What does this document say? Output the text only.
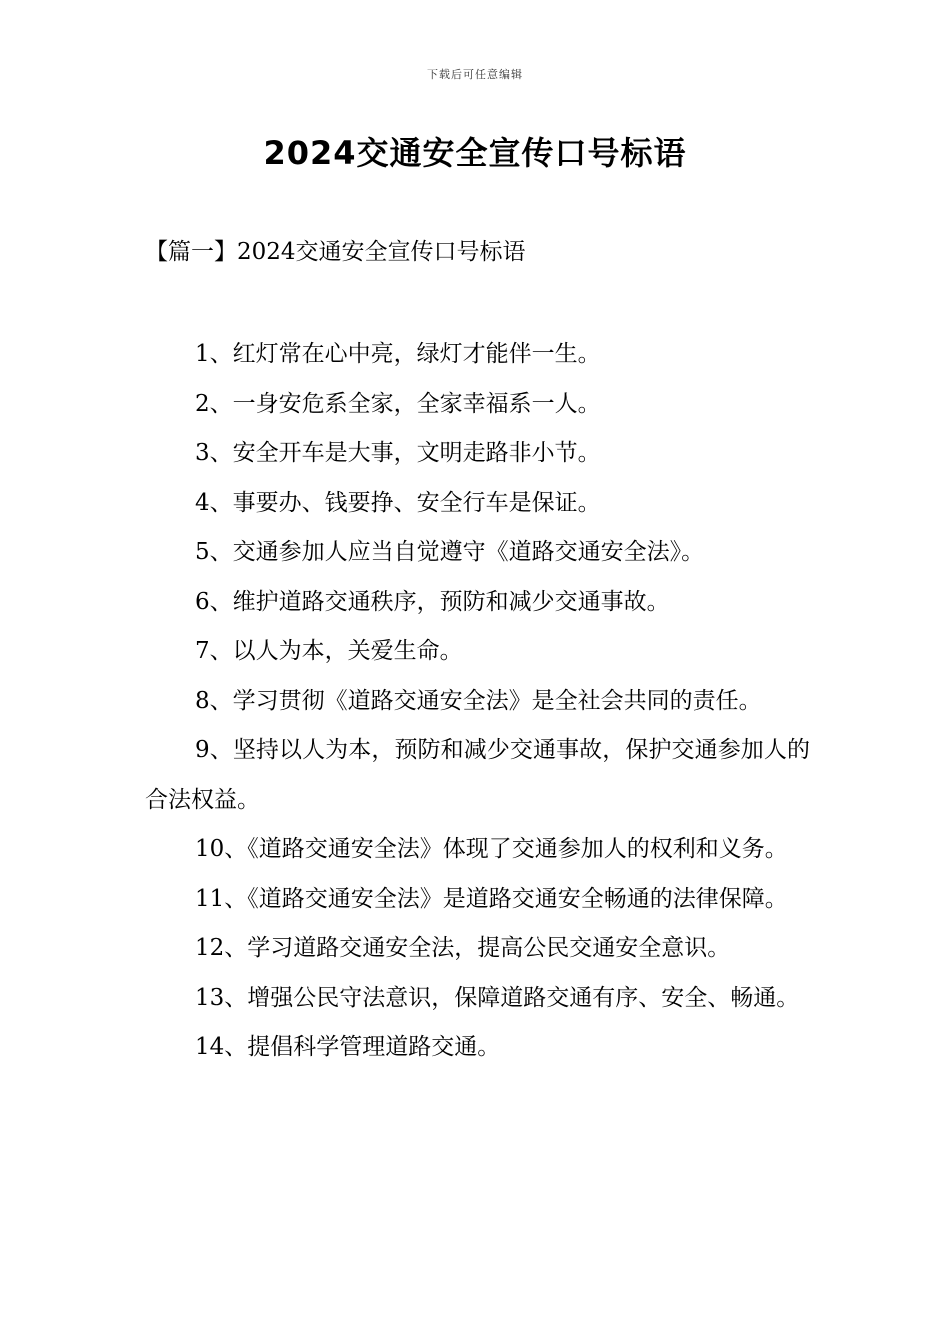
下载后可任意编辑
2024交通安全宣传口号标语
【篇一】2024交通安全宣传口号标语
1、红灯常在心中亮，绿灯才能伴一生。
2、一身安危系全家，全家幸福系一人。
3、安全开车是大事，文明走路非小节。
4、事要办、钱要挣、安全行车是保证。
5、交通参加人应当自觉遵守《道路交通安全法》。
6、维护道路交通秩序，预防和减少交通事故。
7、以人为本，关爱生命。
8、学习贯彻《道路交通安全法》是全社会共同的责任。
9、坚持以人为本，预防和减少交通事故，保护交通参加人的合法权益。
10、《道路交通安全法》体现了交通参加人的权利和义务。
11、《道路交通安全法》是道路交通安全畅通的法律保障。
12、学习道路交通安全法，提高公民交通安全意识。
13、增强公民守法意识，保障道路交通有序、安全、畅通。
14、提倡科学管理道路交通。
